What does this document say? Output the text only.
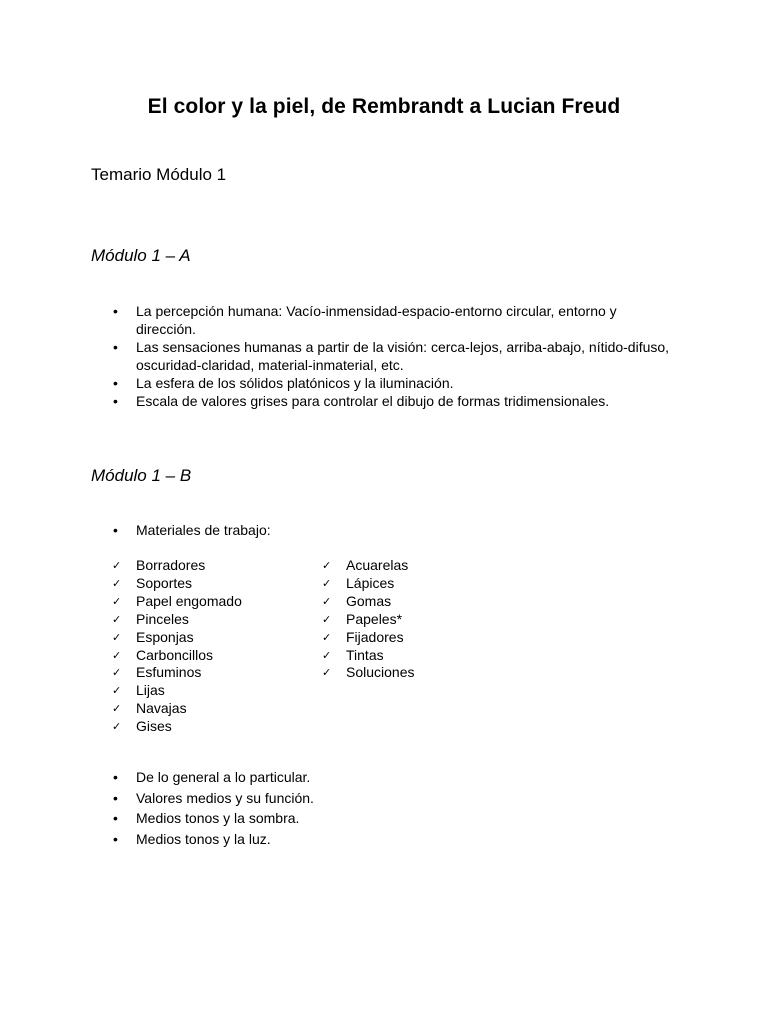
El color y la piel, de Rembrandt a Lucian Freud
Temario Módulo 1
Módulo 1 – A
• La percepción humana: Vacío-inmensidad-espacio-entorno circular, entorno y dirección.
• Las sensaciones humanas a partir de la visión: cerca-lejos, arriba-abajo, nítido-difuso, oscuridad-claridad, material-inmaterial, etc.
• La esfera de los sólidos platónicos y la iluminación.
• Escala de valores grises para controlar el dibujo de formas tridimensionales.
Módulo 1 – B
• Materiales de trabajo:
✓ Borradores
✓ Soportes
✓ Papel engomado
✓ Pinceles
✓ Esponjas
✓ Carboncillos
✓ Esfuminos
✓ Lijas
✓ Navajas
✓ Gises
✓ Acuarelas
✓ Lápices
✓ Gomas
✓ Papeles*
✓ Fijadores
✓ Tintas
✓ Soluciones
• De lo general a lo particular.
• Valores medios y su función.
• Medios tonos y la sombra.
• Medios tonos y la luz.
